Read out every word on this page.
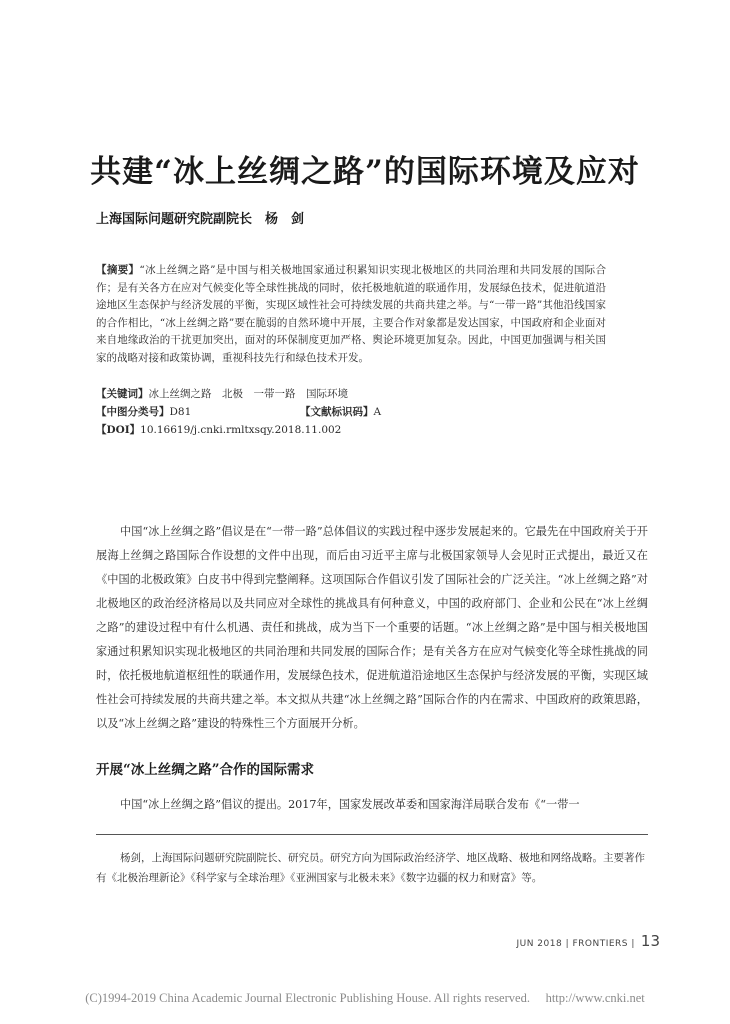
共建“冰上丝绸之路”的国际环境及应对
上海国际问题研究院副院长　杨　剑
【摘要】“冰上丝绸之路”是中国与相关极地国家通过积累知识实现北极地区的共同治理和共同发展的国际合作；是有关各方在应对气候变化等全球性挑战的同时，依托极地航道的联通作用，发展绿色技术，促进航道沿途地区生态保护与经济发展的平衡，实现区域性社会可持续发展的共商共建之举。与“一带一路”其他沿线国家的合作相比，“冰上丝绸之路”要在脆弱的自然环境中开展，主要合作对象都是发达国家，中国政府和企业面对来自地缘政治的干扰更加突出，面对的环保制度更加严格、舆论环境更加复杂。因此，中国更加强调与相关国家的战略对接和政策协调，重视科技先行和绿色技术开发。
【关键词】冰上丝绸之路　北极　一带一路　国际环境
【中图分类号】D81	【文献标识码】A
【DOI】10.16619/j.cnki.rmltxsqy.2018.11.002
中国“冰上丝绸之路”倡议是在“一带一路”总体倡议的实践过程中逐步发展起来的。它最先在中国政府关于开展海上丝绸之路国际合作设想的文件中出现，而后由习近平主席与北极国家领导人会见时正式提出，最近又在《中国的北极政策》白皮书中得到完整阐释。这项国际合作倡议引发了国际社会的广泛关注。“冰上丝绸之路”对北极地区的政治经济格局以及共同应对全球性的挑战具有何种意义，中国的政府部门、企业和公民在“冰上丝绸之路”的建设过程中有什么机遇、责任和挑战，成为当下一个重要的话题。“冰上丝绸之路”是中国与相关极地国家通过积累知识实现北极地区的共同治理和共同发展的国际合作；是有关各方在应对气候变化等全球性挑战的同时，依托极地航道枢纽性的联通作用，发展绿色技术，促进航道沿途地区生态保护与经济发展的平衡，实现区域性社会可持续发展的共商共建之举。本文拟从共建“冰上丝绸之路”国际合作的内在需求、中国政府的政策思路，以及“冰上丝绸之路”建设的特殊性三个方面展开分析。
开展“冰上丝绸之路”合作的国际需求
中国“冰上丝绸之路”倡议的提出。2017年，国家发展改革委和国家海洋局联合发布《“一带一
杨剑，上海国际问题研究院副院长、研究员。研究方向为国际政治经济学、地区战略、极地和网络战略。主要著作有《北极治理新论》《科学家与全球治理》《亚洲国家与北极未来》《数字边疆的权力和财富》等。
JUN 2018 | FRONTIERS | 13
(C)1994-2019 China Academic Journal Electronic Publishing House. All rights reserved.　 http://www.cnki.net
